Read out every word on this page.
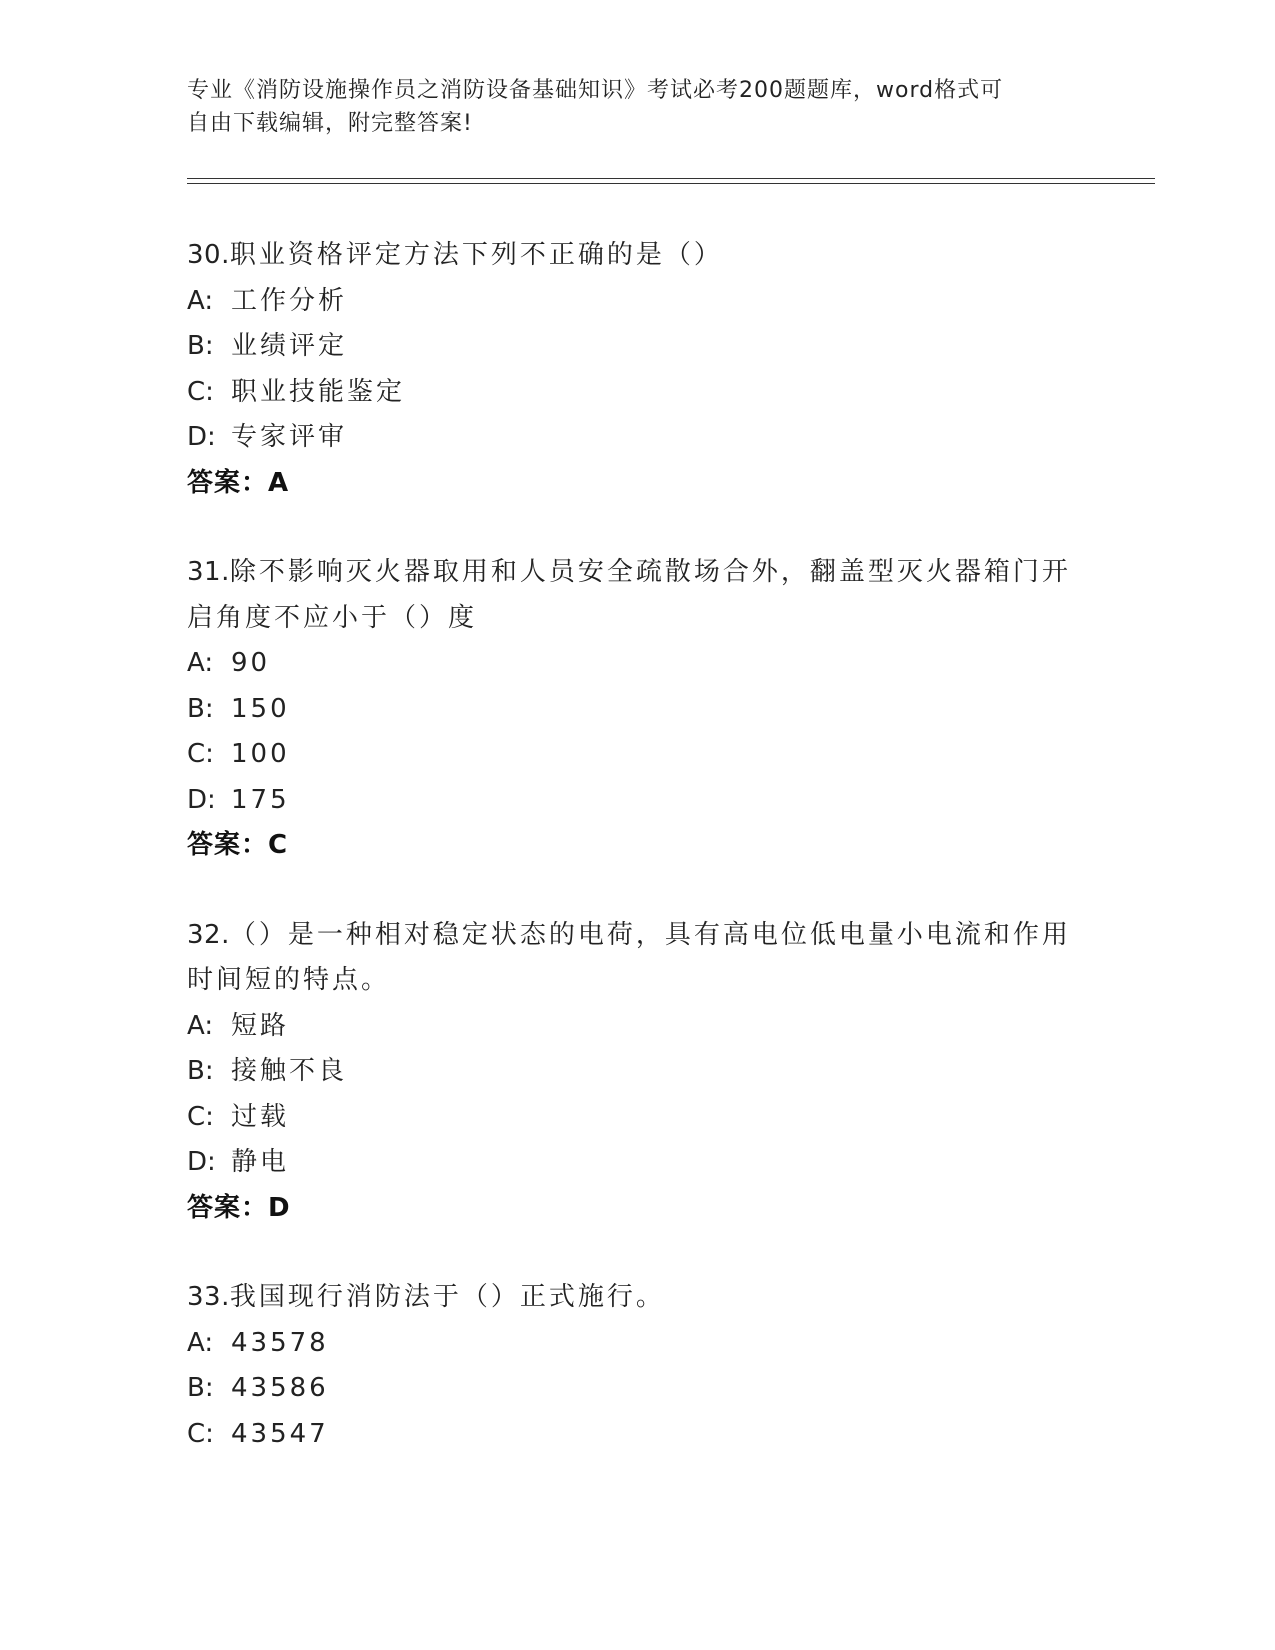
专业《消防设施操作员之消防设备基础知识》考试必考200题题库，word格式可
自由下载编辑，附完整答案!
30.职业资格评定方法下列不正确的是（）
A: 工作分析
B: 业绩评定
C: 职业技能鉴定
D: 专家评审
答案：A
31.除不影响灭火器取用和人员安全疏散场合外，翻盖型灭火器箱门开启角度不应小于（）度
A: 90
B: 150
C: 100
D: 175
答案：C
32.（）是一种相对稳定状态的电荷，具有高电位低电量小电流和作用时间短的特点。
A: 短路
B: 接触不良
C: 过载
D: 静电
答案：D
33.我国现行消防法于（）正式施行。
A: 43578
B: 43586
C: 43547
